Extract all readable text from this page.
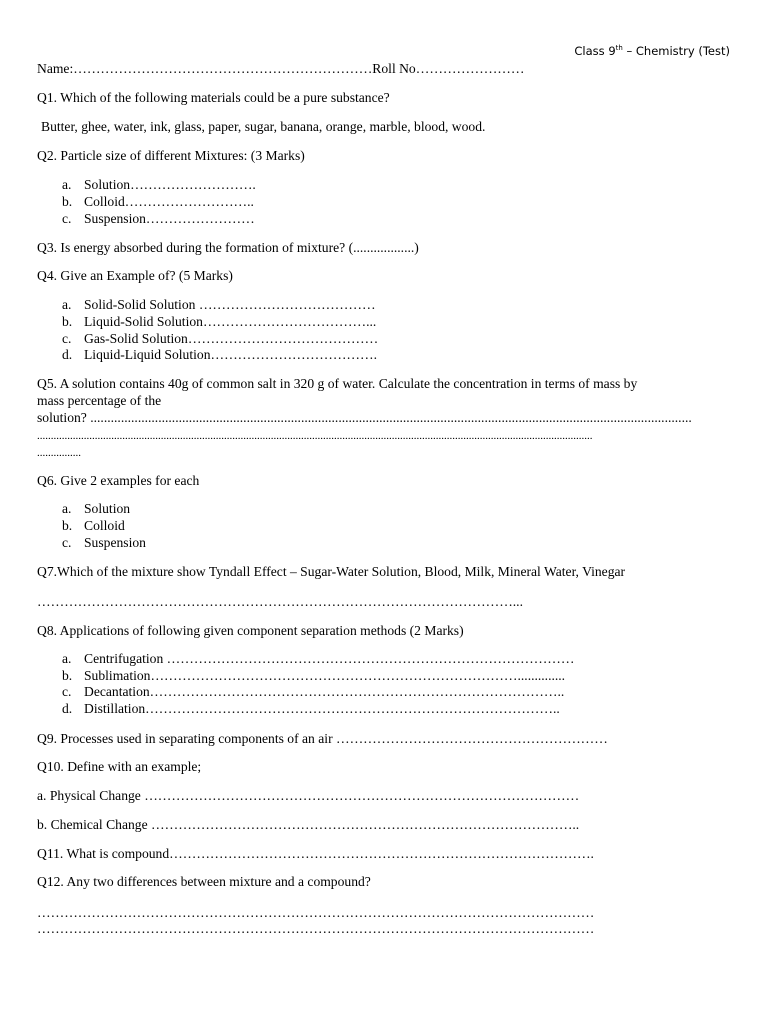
Class 9th – Chemistry (Test)
Name:…………………………………………………………Roll No……………………
Q1. Which of the following materials could be a pure substance?
Butter, ghee, water, ink, glass, paper, sugar, banana, orange, marble, blood, wood.
Q2. Particle size of different Mixtures: (3 Marks)
a. Solution……………………….
b. Colloid………………………..
c. Suspension……………………
Q3. Is energy absorbed during the formation of mixture? (..................)
Q4. Give an Example of? (5 Marks)
a. Solid-Solid Solution …………………………………
b. Liquid-Solid Solution………………………………...
c. Gas-Solid Solution……………………………………
d. Liquid-Liquid Solution……………………………….
Q5. A solution contains 40g of common salt in 320 g of water. Calculate the concentration in terms of mass by
mass percentage of the
solution? .................................................................................................................................................................................
..........................................................................................................................................................................................................
................
Q6. Give 2 examples for each
a. Solution
b. Colloid
c. Suspension
Q7.Which of the mixture show Tyndall Effect – Sugar-Water Solution, Blood, Milk, Mineral Water, Vinegar
……………………………………………………………………………………………...
Q8. Applications of following given component separation methods (2 Marks)
a. Centrifugation ………………………………………………………………………………
b. Sublimation………………………………………………………………………..............
c. Decantation………………………………………………………………………………..
d. Distillation………………………………………………………………………………..
Q9. Processes used in separating components of an air ……………………………………………………
Q10. Define with an example;
a. Physical Change ……………………………………………………………………………………
b. Chemical Change …………………………………………………………………………………..
Q11. What is compound………………………………………………………………………………….
Q12. Any two differences between mixture and a compound?
……………………………………………………………………………………………………………
……………………………………………………………………………………………………………
